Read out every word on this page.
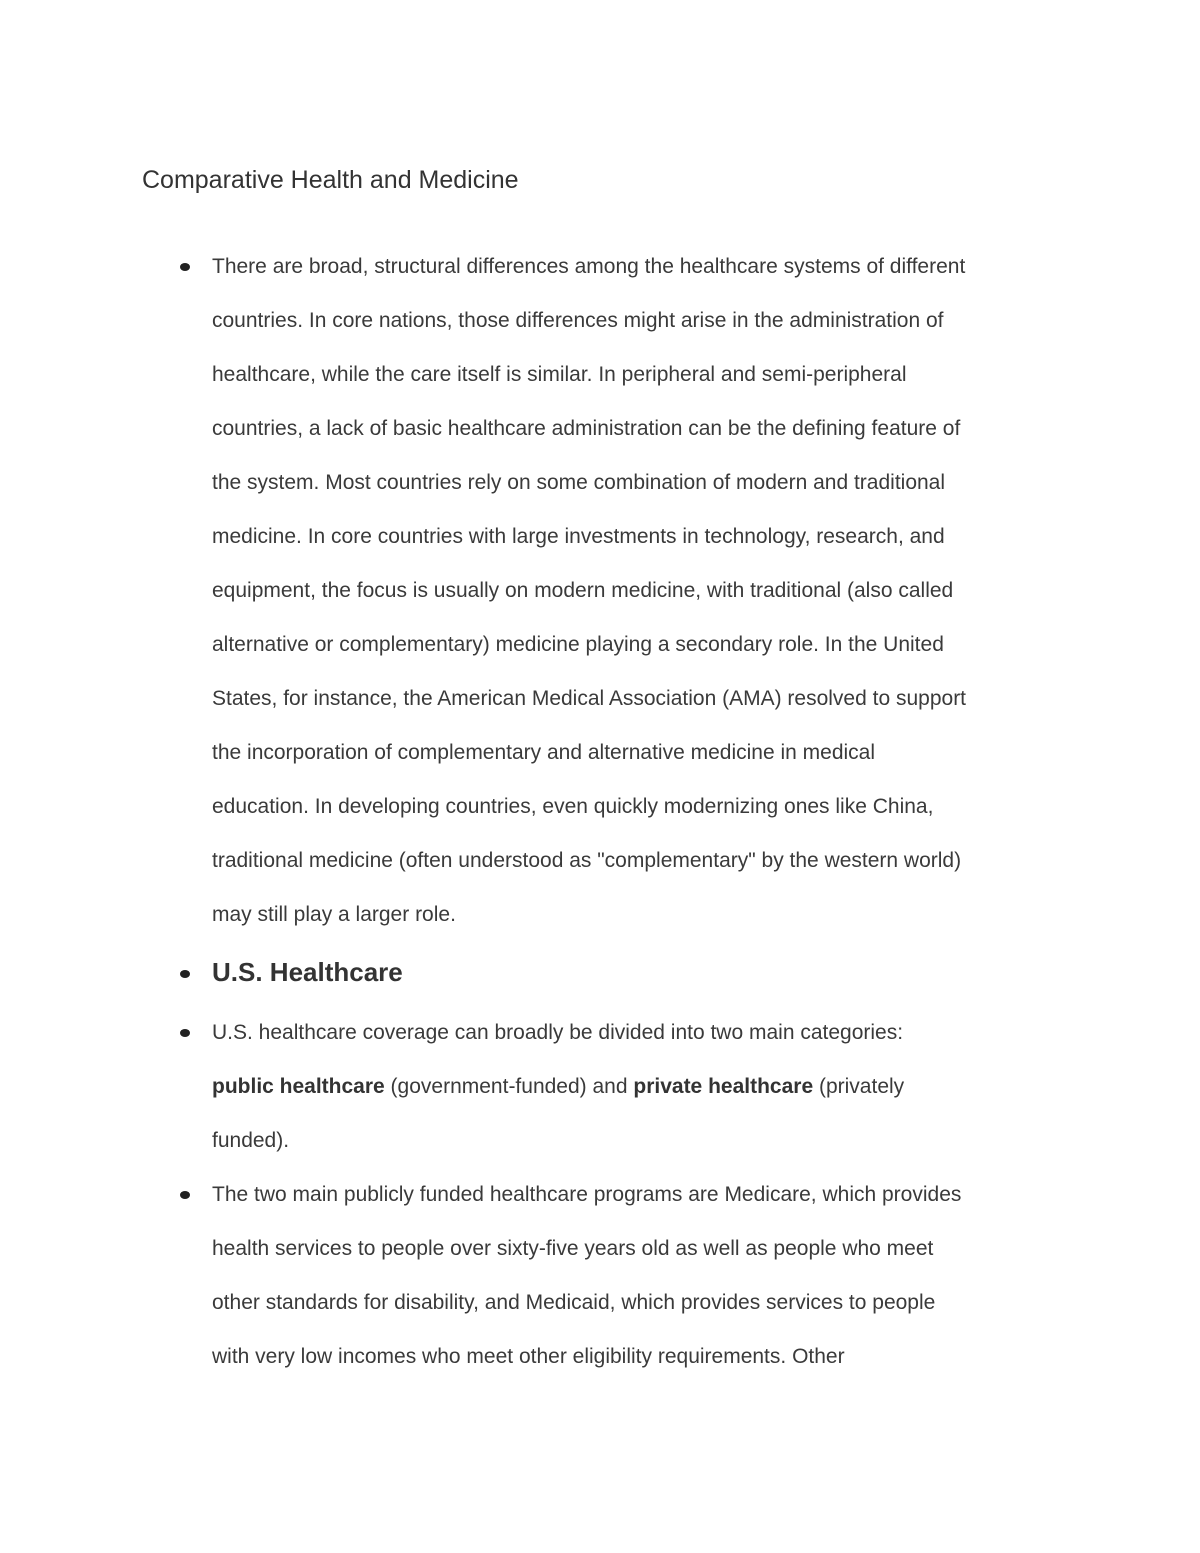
Comparative Health and Medicine
There are broad, structural differences among the healthcare systems of different
countries. In core nations, those differences might arise in the administration of
healthcare, while the care itself is similar. In peripheral and semi-peripheral
countries, a lack of basic healthcare administration can be the defining feature of
the system. Most countries rely on some combination of modern and traditional
medicine. In core countries with large investments in technology, research, and
equipment, the focus is usually on modern medicine, with traditional (also called
alternative or complementary) medicine playing a secondary role. In the United
States, for instance, the American Medical Association (AMA) resolved to support
the incorporation of complementary and alternative medicine in medical
education. In developing countries, even quickly modernizing ones like China,
traditional medicine (often understood as "complementary" by the western world)
may still play a larger role.
U.S. Healthcare
U.S. healthcare coverage can broadly be divided into two main categories:
public healthcare (government-funded) and private healthcare (privately
funded).
The two main publicly funded healthcare programs are Medicare, which provides
health services to people over sixty-five years old as well as people who meet
other standards for disability, and Medicaid, which provides services to people
with very low incomes who meet other eligibility requirements. Other
